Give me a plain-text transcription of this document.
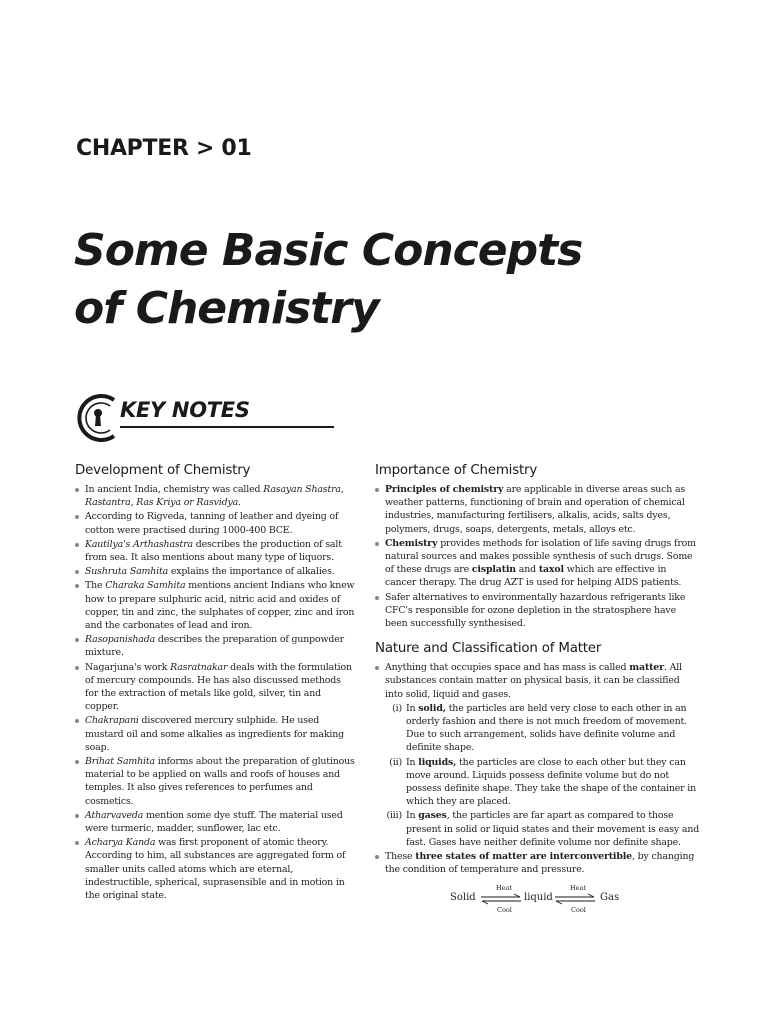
CHAPTER > 01
Some Basic Concepts
of Chemistry
KEY NOTES
Development of Chemistry
In ancient India, chemistry was called Rasayan Shastra, Rastantra, Ras Kriya or Rasvidya.
According to Rigveda, tanning of leather and dyeing of cotton were practised during 1000-400 BCE.
Kautilya's Arthashastra describes the production of salt from sea. It also mentions about many type of liquors.
Sushruta Samhita explains the importance of alkalies.
The Charaka Samhita mentions ancient Indians who knew how to prepare sulphuric acid, nitric acid and oxides of copper, tin and zinc, the sulphates of copper, zinc and iron and the carbonates of lead and iron.
Rasopanishada describes the preparation of gunpowder mixture.
Nagarjuna's work Rasratnakar deals with the formulation of mercury compounds. He has also discussed methods for the extraction of metals like gold, silver, tin and copper.
Chakrapani discovered mercury sulphide. He used mustard oil and some alkalies as ingredients for making soap.
Brihat Samhita informs about the preparation of glutinous material to be applied on walls and roofs of houses and temples. It also gives references to perfumes and cosmetics.
Atharvaveda mention some dye stuff. The material used were turmeric, madder, sunflower, lac etc.
Acharya Kanda was first proponent of atomic theory. According to him, all substances are aggregated form of smaller units called atoms which are eternal, indestructible, spherical, suprasensible and in motion in the original state.
Importance of Chemistry
Principles of chemistry are applicable in diverse areas such as weather patterns, functioning of brain and operation of chemical industries, manufacturing fertilisers, alkalis, acids, salts dyes, polymers, drugs, soaps, detergents, metals, alloys etc.
Chemistry provides methods for isolation of life saving drugs from natural sources and makes possible synthesis of such drugs. Some of these drugs are cisplatin and taxol which are effective in cancer therapy. The drug AZT is used for helping AIDS patients.
Safer alternatives to environmentally hazardous refrigerants like CFC's responsible for ozone depletion in the stratosphere have been successfully synthesised.
Nature and Classification of Matter
Anything that occupies space and has mass is called matter. All substances contain matter on physical basis, it can be classified into solid, liquid and gases.
(i) In solid, the particles are held very close to each other in an orderly fashion and there is not much freedom of movement. Due to such arrangement, solids have definite volume and definite shape.
(ii) In liquids, the particles are close to each other but they can move around. Liquids possess definite volume but do not possess definite shape. They take the shape of the container in which they are placed.
(iii) In gases, the particles are far apart as compared to those present in solid or liquid states and their movement is easy and fast. Gases have neither definite volume nor definite shape.
These three states of matter are interconvertible, by changing the condition of temperature and pressure.
Solid
Heat
Cool
liquid
Heat
Cool
Gas
